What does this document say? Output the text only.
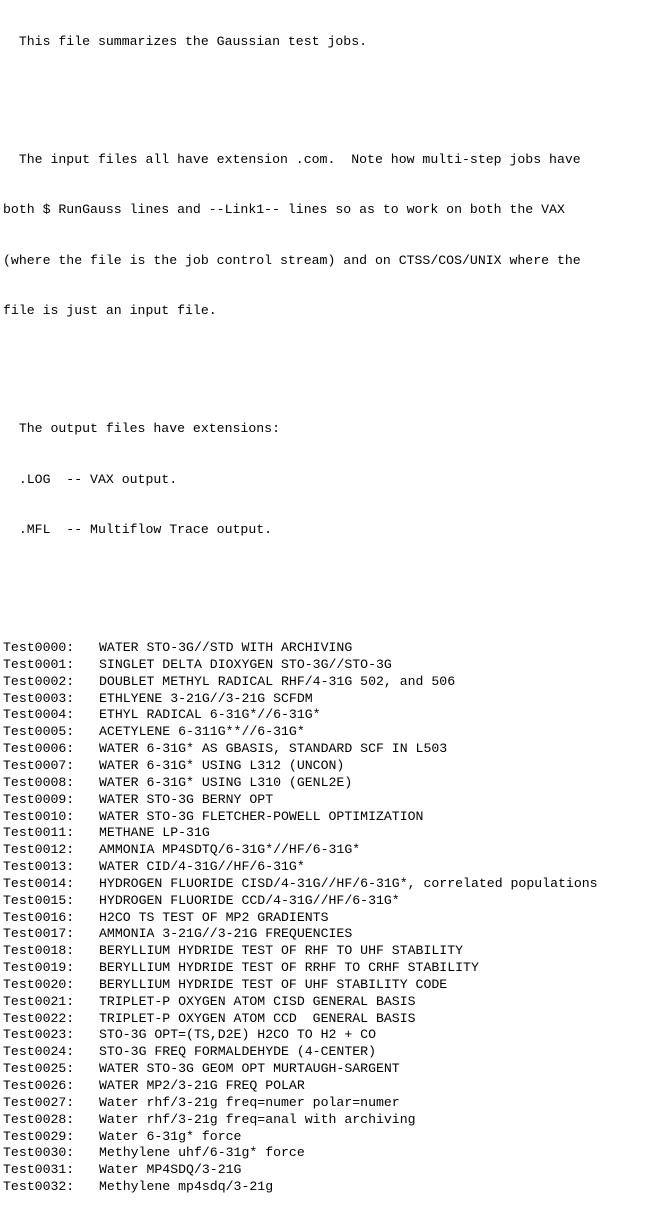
This file summarizes the Gaussian test jobs.

The input files all have extension .com.  Note how multi-step jobs have

both $ RunGauss lines and --Link1-- lines so as to work on both the VAX

(where the file is the job control stream) and on CTSS/COS/UNIX where the

file is just an input file.

The output files have extensions:

.LOG  -- VAX output.

.MFL  -- Multiflow Trace output.

Test0000: WATER STO-3G//STD WITH ARCHIVING
Test0001: SINGLET DELTA DIOXYGEN STO-3G//STO-3G
Test0002: DOUBLET METHYL RADICAL RHF/4-31G 502, and 506
Test0003: ETHLYENE 3-21G//3-21G SCFDM
Test0004: ETHYL RADICAL 6-31G*//6-31G*
Test0005: ACETYLENE 6-311G**//6-31G*
Test0006: WATER 6-31G* AS GBASIS, STANDARD SCF IN L503
Test0007: WATER 6-31G* USING L312 (UNCON)
Test0008: WATER 6-31G* USING L310 (GENL2E)
Test0009: WATER STO-3G BERNY OPT
Test0010: WATER STO-3G FLETCHER-POWELL OPTIMIZATION
Test0011: METHANE LP-31G
Test0012: AMMONIA MP4SDTQ/6-31G*//HF/6-31G*
Test0013: WATER CID/4-31G//HF/6-31G*
Test0014: HYDROGEN FLUORIDE CISD/4-31G//HF/6-31G*, correlated populations
Test0015: HYDROGEN FLUORIDE CCD/4-31G//HF/6-31G*
Test0016: H2CO TS TEST OF MP2 GRADIENTS
Test0017: AMMONIA 3-21G//3-21G FREQUENCIES
Test0018: BERYLLIUM HYDRIDE TEST OF RHF TO UHF STABILITY
Test0019: BERYLLIUM HYDRIDE TEST OF RRHF TO CRHF STABILITY
Test0020: BERYLLIUM HYDRIDE TEST OF UHF STABILITY CODE
Test0021: TRIPLET-P OXYGEN ATOM CISD GENERAL BASIS
Test0022: TRIPLET-P OXYGEN ATOM CCD  GENERAL BASIS
Test0023: STO-3G OPT=(TS,D2E) H2CO TO H2 + CO
Test0024: STO-3G FREQ FORMALDEHYDE (4-CENTER)
Test0025: WATER STO-3G GEOM OPT MURTAUGH-SARGENT
Test0026: WATER MP2/3-21G FREQ POLAR
Test0027: Water rhf/3-21g freq=numer polar=numer
Test0028: Water rhf/3-21g freq=anal with archiving
Test0029: Water 6-31g* force
Test0030: Methylene uhf/6-31g* force
Test0031: Water MP4SDQ/3-21G
Test0032: Methylene mp4sdq/3-21g
